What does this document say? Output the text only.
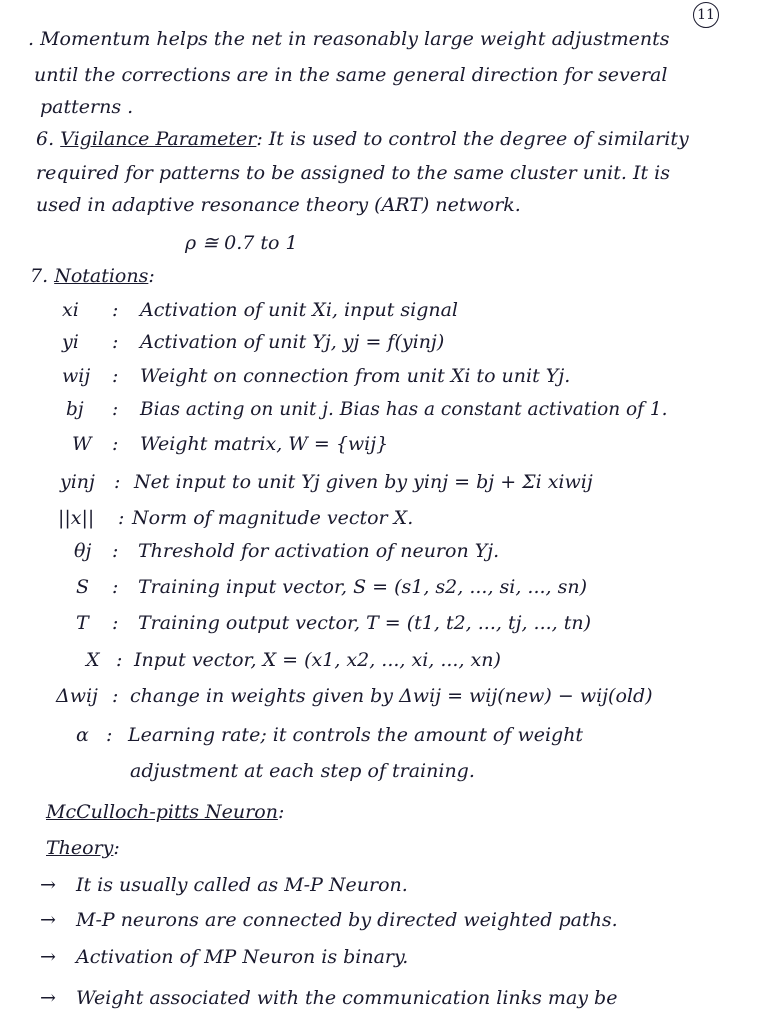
11
. Momentum helps the net in reasonably large weight adjustments
until the corrections are in the same general direction for several
patterns .
6. Vigilance Parameter: It is used to control the degree of similarity
required for patterns to be assigned to the same cluster unit. It is
used in adaptive resonance theory (ART) network.
ρ ≅ 0.7 to 1
7. Notations:
xi : Activation of unit Xi, input signal
yi : Activation of unit Yj, yj = f(yinj)
wij : Weight on connection from unit Xi to unit Yj.
bj : Bias acting on unit j. Bias has a constant activation of 1.
W : Weight matrix, W = {wij}
yinj : Net input to unit Yj given by yinj = bj + Σi xiwij
||x|| : Norm of magnitude vector X.
θj : Threshold for activation of neuron Yj.
S : Training input vector, S = (s1, s2, ..., si, ..., sn)
T : Training output vector, T = (t1, t2, ..., tj, ..., tn)
X : Input vector, X = (x1, x2, ..., xi, ..., xn)
Δwij : change in weights given by Δwij = wij(new) − wij(old)
α : Learning rate; it controls the amount of weight
adjustment at each step of training.
McCulloch-pitts Neuron:
Theory:
→ It is usually called as M-P Neuron.
→ M-P neurons are connected by directed weighted paths.
→ Activation of MP Neuron is binary.
→ Weight associated with the communication links may be
